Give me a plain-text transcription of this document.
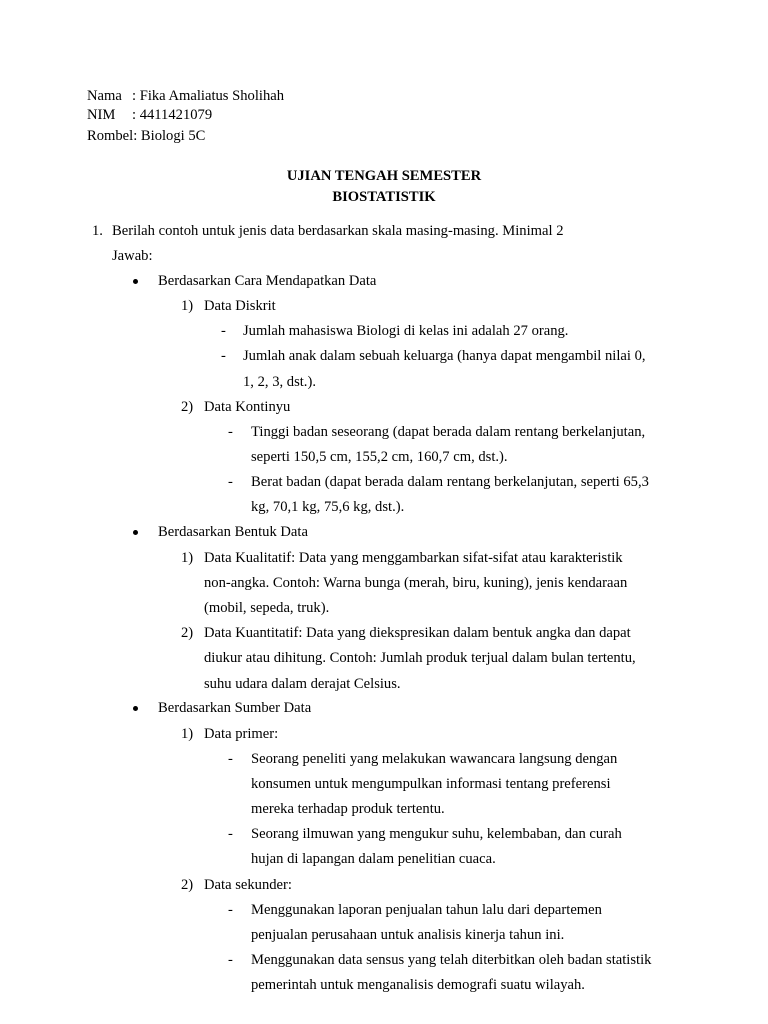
Nama : Fika Amaliatus Sholihah
NIM : 4411421079
Rombel: Biologi 5C
UJIAN TENGAH SEMESTER
BIOSTATISTIK
1. Berilah contoh untuk jenis data berdasarkan skala masing-masing. Minimal 2
Jawab:
Berdasarkan Cara Mendapatkan Data
1) Data Diskrit
- Jumlah mahasiswa Biologi di kelas ini adalah 27 orang.
- Jumlah anak dalam sebuah keluarga (hanya dapat mengambil nilai 0,
1, 2, 3, dst.).
2) Data Kontinyu
- Tinggi badan seseorang (dapat berada dalam rentang berkelanjutan,
seperti 150,5 cm, 155,2 cm, 160,7 cm, dst.).
- Berat badan (dapat berada dalam rentang berkelanjutan, seperti 65,3
kg, 70,1 kg, 75,6 kg, dst.).
Berdasarkan Bentuk Data
1) Data Kualitatif: Data yang menggambarkan sifat-sifat atau karakteristik
non-angka. Contoh: Warna bunga (merah, biru, kuning), jenis kendaraan
(mobil, sepeda, truk).
2) Data Kuantitatif: Data yang diekspresikan dalam bentuk angka dan dapat
diukur atau dihitung. Contoh: Jumlah produk terjual dalam bulan tertentu,
suhu udara dalam derajat Celsius.
Berdasarkan Sumber Data
1) Data primer:
- Seorang peneliti yang melakukan wawancara langsung dengan
konsumen untuk mengumpulkan informasi tentang preferensi
mereka terhadap produk tertentu.
- Seorang ilmuwan yang mengukur suhu, kelembaban, dan curah
hujan di lapangan dalam penelitian cuaca.
2) Data sekunder:
- Menggunakan laporan penjualan tahun lalu dari departemen
penjualan perusahaan untuk analisis kinerja tahun ini.
- Menggunakan data sensus yang telah diterbitkan oleh badan statistik
pemerintah untuk menganalisis demografi suatu wilayah.
